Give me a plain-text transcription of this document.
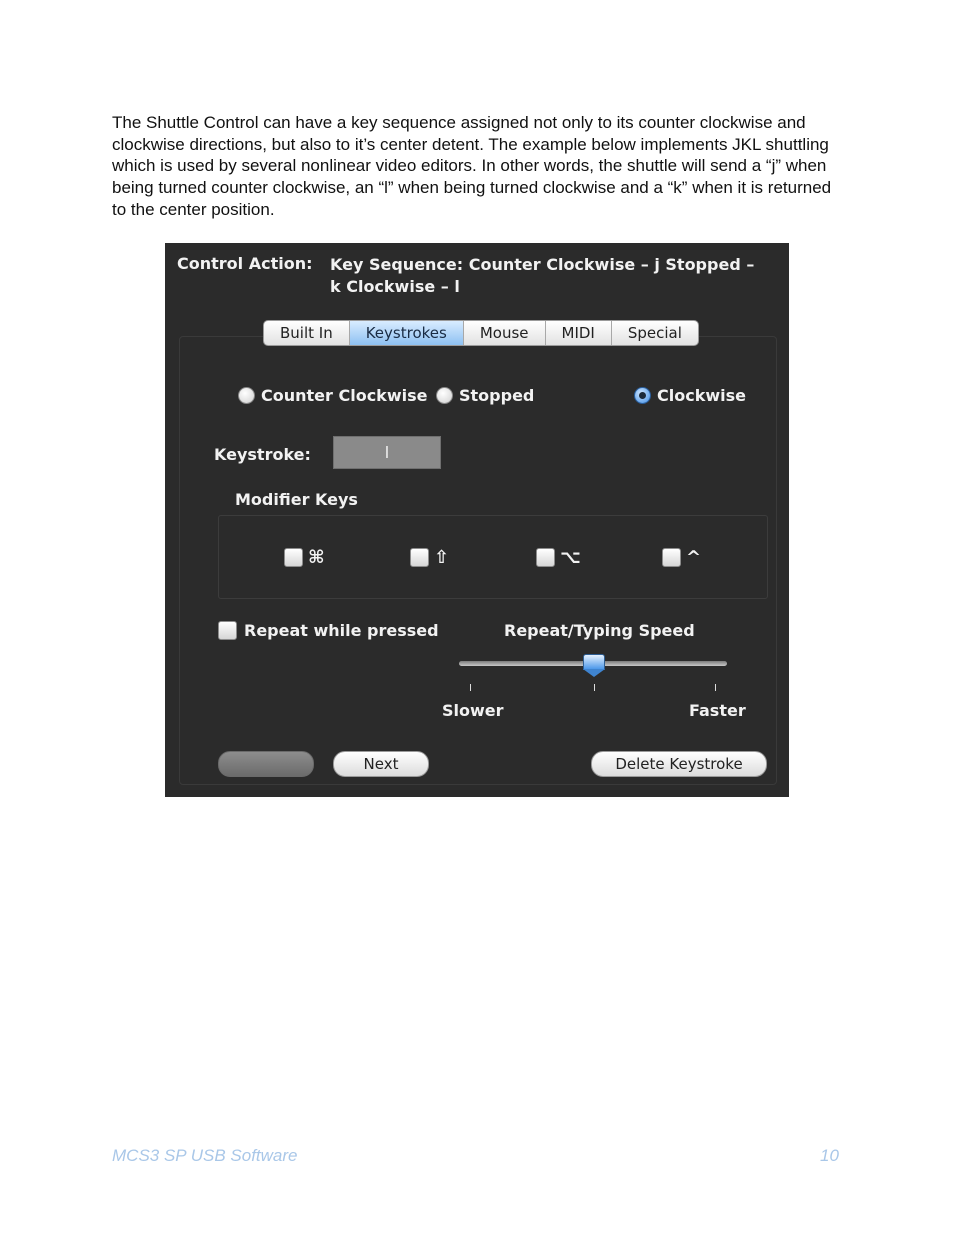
The Shuttle Control can have a key sequence assigned not only to its counter clockwise and clockwise directions, but also to it’s center detent. The example below implements JKL shuttling which is used by several nonlinear video editors. In other words, the shuttle will send a “j” when being turned counter clockwise, an “l” when being turned clockwise and a “k” when it is returned to the center position.

Control Action: Key Sequence: Counter Clockwise – j Stopped – k Clockwise – l
Built In	Keystrokes	Mouse	MIDI	Special
Counter Clockwise Stopped	Clockwise
Keystroke:	l
Modifier Keys
⌘	⇧	⌥	^
Repeat while pressed	Repeat/Typing Speed
Slower	Faster
Next	Delete Keystroke
MCS3 SP USB Software	10
